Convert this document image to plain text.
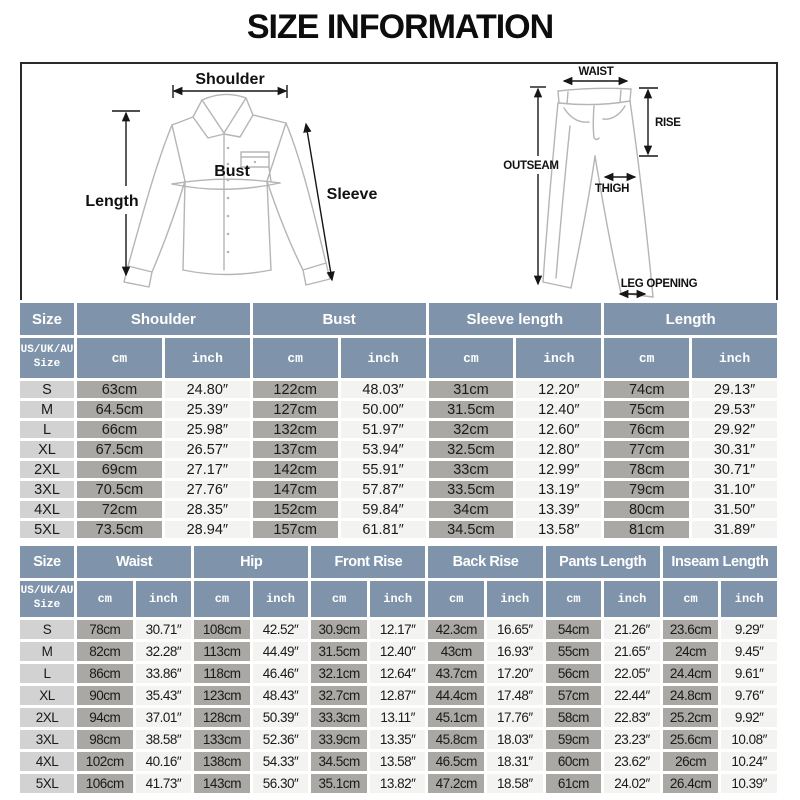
SIZE INFORMATION
Shoulder
Length
Bust
Sleeve
WAIST
RISE
OUTSEAM
THIGH
LEG OPENING
Size	Shoulder		Bust		Sleeve length		Length	
US/UK/AU
Size	cm	inch	cm	inch	cm	inch	cm	inch
S	63cm	24.80″	122cm	48.03″	31cm	12.20″	74cm	29.13″
M	64.5cm	25.39″	127cm	50.00″	31.5cm	12.40″	75cm	29.53″
L	66cm	25.98″	132cm	51.97″	32cm	12.60″	76cm	29.92″
XL	67.5cm	26.57″	137cm	53.94″	32.5cm	12.80″	77cm	30.31″
2XL	69cm	27.17″	142cm	55.91″	33cm	12.99″	78cm	30.71″
3XL	70.5cm	27.76″	147cm	57.87″	33.5cm	13.19″	79cm	31.10″
4XL	72cm	28.35″	152cm	59.84″	34cm	13.39″	80cm	31.50″
5XL	73.5cm	28.94″	157cm	61.81″	34.5cm	13.58″	81cm	31.89″
Size	Waist		Hip		Front Rise		Back Rise		Pants Length		Inseam Length	
US/UK/AU
Size	cm	inch	cm	inch	cm	inch	cm	inch	cm	inch	cm	inch
S	78cm	30.71″	108cm	42.52″	30.9cm	12.17″	42.3cm	16.65″	54cm	21.26″	23.6cm	9.29″
M	82cm	32.28″	113cm	44.49″	31.5cm	12.40″	43cm	16.93″	55cm	21.65″	24cm	9.45″
L	86cm	33.86″	118cm	46.46″	32.1cm	12.64″	43.7cm	17.20″	56cm	22.05″	24.4cm	9.61″
XL	90cm	35.43″	123cm	48.43″	32.7cm	12.87″	44.4cm	17.48″	57cm	22.44″	24.8cm	9.76″
2XL	94cm	37.01″	128cm	50.39″	33.3cm	13.11″	45.1cm	17.76″	58cm	22.83″	25.2cm	9.92″
3XL	98cm	38.58″	133cm	52.36″	33.9cm	13.35″	45.8cm	18.03″	59cm	23.23″	25.6cm	10.08″
4XL	102cm	40.16″	138cm	54.33″	34.5cm	13.58″	46.5cm	18.31″	60cm	23.62″	26cm	10.24″
5XL	106cm	41.73″	143cm	56.30″	35.1cm	13.82″	47.2cm	18.58″	61cm	24.02″	26.4cm	10.39″
